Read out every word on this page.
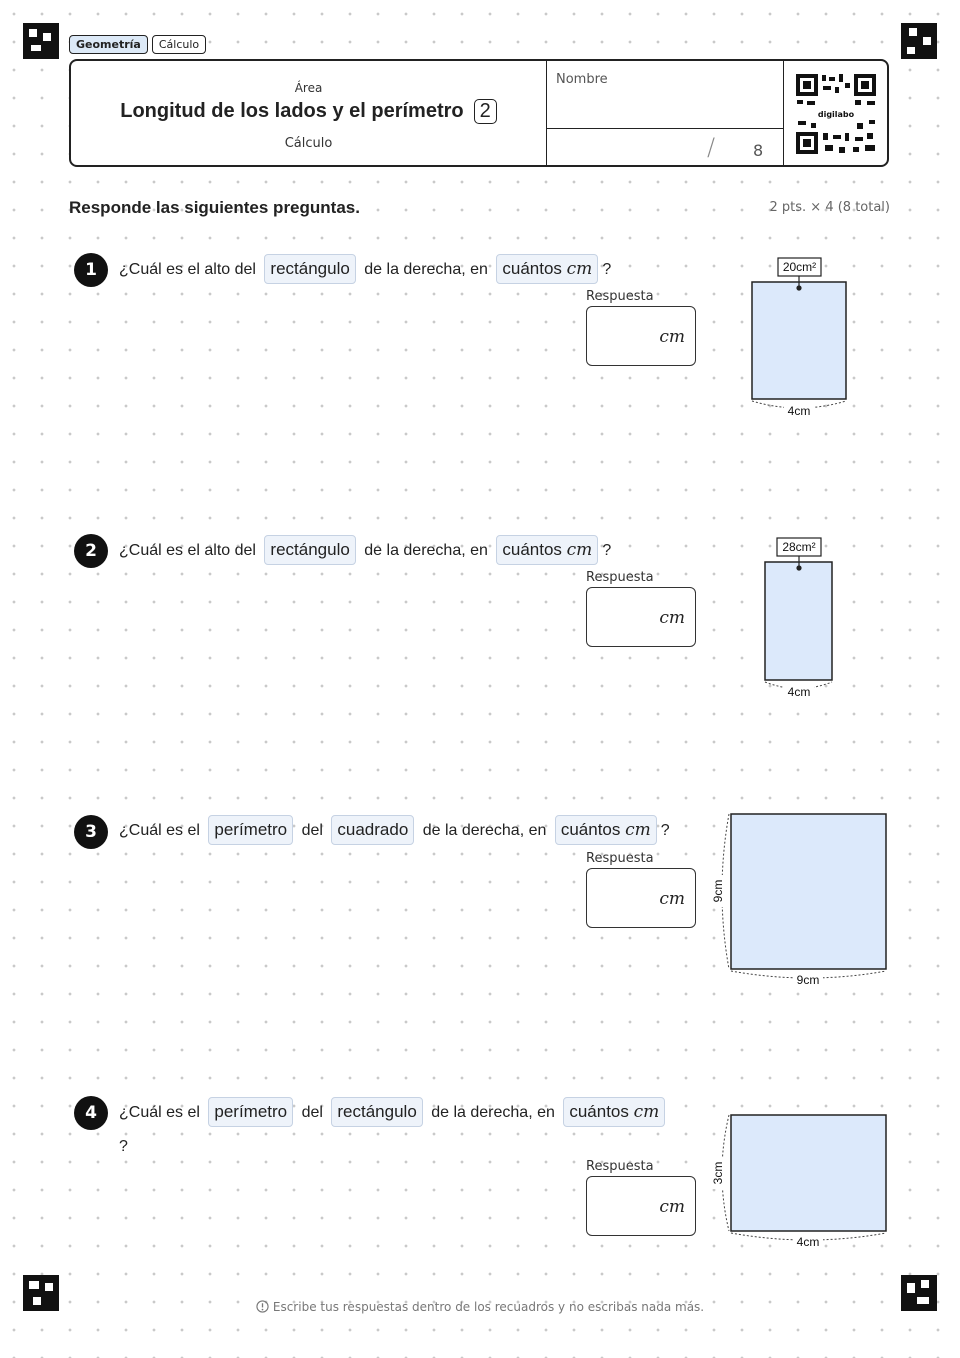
Geometría	Cálculo
Área
Longitud de los lados y el perímetro 2
Cálculo
Nombre
/ 8
digilabo
Responde las siguientes preguntas.	2 pts. × 4 (8 total)
1	¿Cuál es el alto del rectángulo de la derecha, en cuántos cm ?
Respuesta
cm
20cm²
4cm
2	¿Cuál es el alto del rectángulo de la derecha, en cuántos cm ?
Respuesta
cm
28cm²
4cm
3	¿Cuál es el perímetro del cuadrado de la derecha, en cuántos cm ?
Respuesta
cm 9cm
9cm
4	¿Cuál es el perímetro del rectángulo de la derecha, en cuántos cm
?
Respuesta
cm
3cm
4cm
Escribe tus respuestas dentro de los recuadros y no escribas nada más.
